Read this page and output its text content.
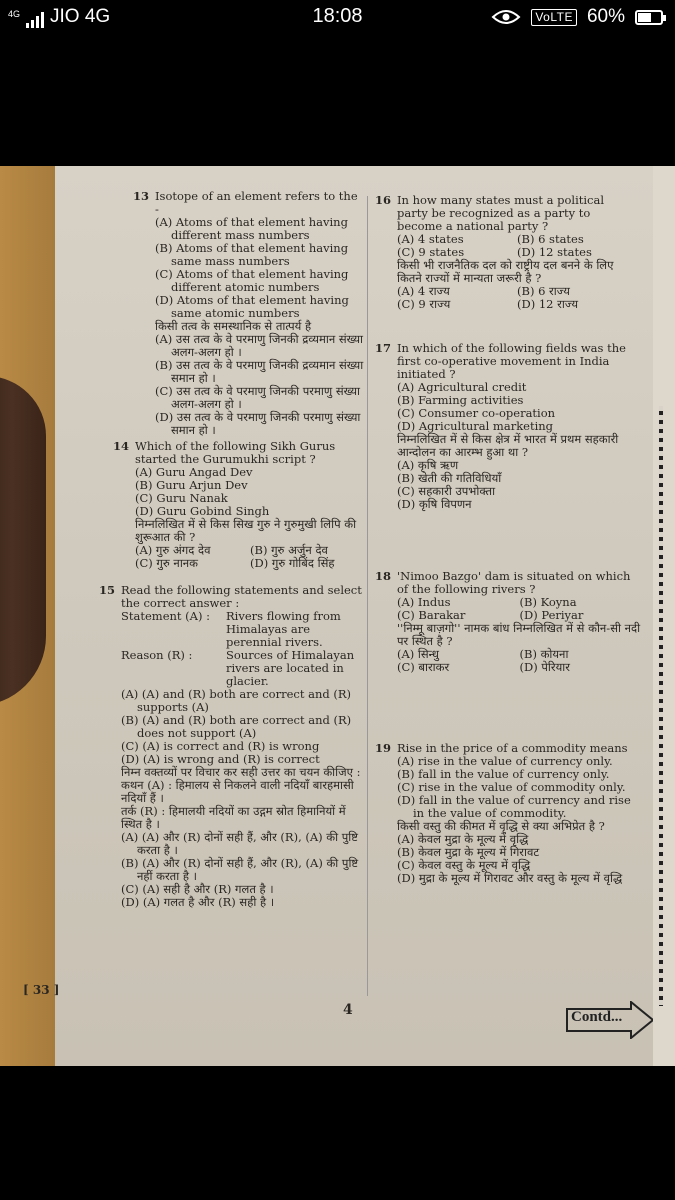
4G JIO 4G	18:08	VoLTE 60%
13 Isotope of an element refers to the -
(A) Atoms of that element having different mass numbers
(B) Atoms of that element having same mass numbers
(C) Atoms of that element having different atomic numbers
(D) Atoms of that element having same atomic numbers
किसी तत्व के समस्थानिक से तात्पर्य है
(A) उस तत्व के वे परमाणु जिनकी द्रव्यमान संख्या अलग-अलग हो ।
(B) उस तत्व के वे परमाणु जिनकी द्रव्यमान संख्या समान हो ।
(C) उस तत्व के वे परमाणु जिनकी परमाणु संख्या अलग-अलग हो ।
(D) उस तत्व के वे परमाणु जिनकी परमाणु संख्या समान हो ।
14 Which of the following Sikh Gurus started the Gurumukhi script ?
(A) Guru Angad Dev
(B) Guru Arjun Dev
(C) Guru Nanak
(D) Guru Gobind Singh
निम्नलिखित में से किस सिख गुरु ने गुरुमुखी लिपि की शुरूआत की ?
(A) गुरु अंगद देव	(B) गुरु अर्जुन देव
(C) गुरु नानक	(D) गुरु गोबिंद सिंह
15 Read the following statements and select the correct answer :
Statement (A) :	Rivers flowing from Himalayas are perennial rivers.
Reason (R) :	Sources of Himalayan rivers are located in glacier.
(A) (A) and (R) both are correct and (R) supports (A)
(B) (A) and (R) both are correct and (R) does not support (A)
(C) (A) is correct and (R) is wrong
(D) (A) is wrong and (R) is correct
निम्न वक्तव्यों पर विचार कर सही उत्तर का चयन कीजिए :
कथन (A) : हिमालय से निकलने वाली नदियाँ बारहमासी नदियाँ हैं ।
तर्क (R) : हिमालयी नदियों का उद्गम स्रोत हिमानियों में स्थित है ।
(A) (A) और (R) दोनों सही हैं, और (R), (A) की पुष्टि करता है ।
(B) (A) और (R) दोनों सही हैं, और (R), (A) की पुष्टि नहीं करता है ।
(C) (A) सही है और (R) गलत है ।
(D) (A) गलत है और (R) सही है ।
16 In how many states must a political party be recognized as a party to become a national party ?
(A) 4 states	(B) 6 states
(C) 9 states	(D) 12 states
किसी भी राजनैतिक दल को राष्ट्रीय दल बनने के लिए कितने राज्यों में मान्यता जरूरी है ?
(A) 4 राज्य	(B) 6 राज्य
(C) 9 राज्य	(D) 12 राज्य
17 In which of the following fields was the first co-operative movement in India initiated ?
(A) Agricultural credit
(B) Farming activities
(C) Consumer co-operation
(D) Agricultural marketing
निम्नलिखित में से किस क्षेत्र में भारत में प्रथम सहकारी आन्दोलन का आरम्भ हुआ था ?
(A) कृषि ऋण
(B) खेती की गतिविधियाँ
(C) सहकारी उपभोक्ता
(D) कृषि विपणन
18 'Nimoo Bazgo' dam is situated on which of the following rivers ?
(A) Indus	(B) Koyna
(C) Barakar	(D) Periyar
''निम्मू बाज़गो'' नामक बांध निम्नलिखित में से कौन-सी नदी पर स्थित है ?
(A) सिन्धु	(B) कोयना
(C) बाराकर	(D) पेरियार
19 Rise in the price of a commodity means
(A) rise in the value of currency only.
(B) fall in the value of currency only.
(C) rise in the value of commodity only.
(D) fall in the value of currency and rise in the value of commodity.
किसी वस्तु की कीमत में वृद्धि से क्या अभिप्रेत है ?
(A) केवल मुद्रा के मूल्य में वृद्धि
(B) केवल मुद्रा के मूल्य में गिरावट
(C) केवल वस्तु के मूल्य में वृद्धि
(D) मुद्रा के मूल्य में गिरावट और वस्तु के मूल्य में वृद्धि
[ 33 ]
4	Contd...
